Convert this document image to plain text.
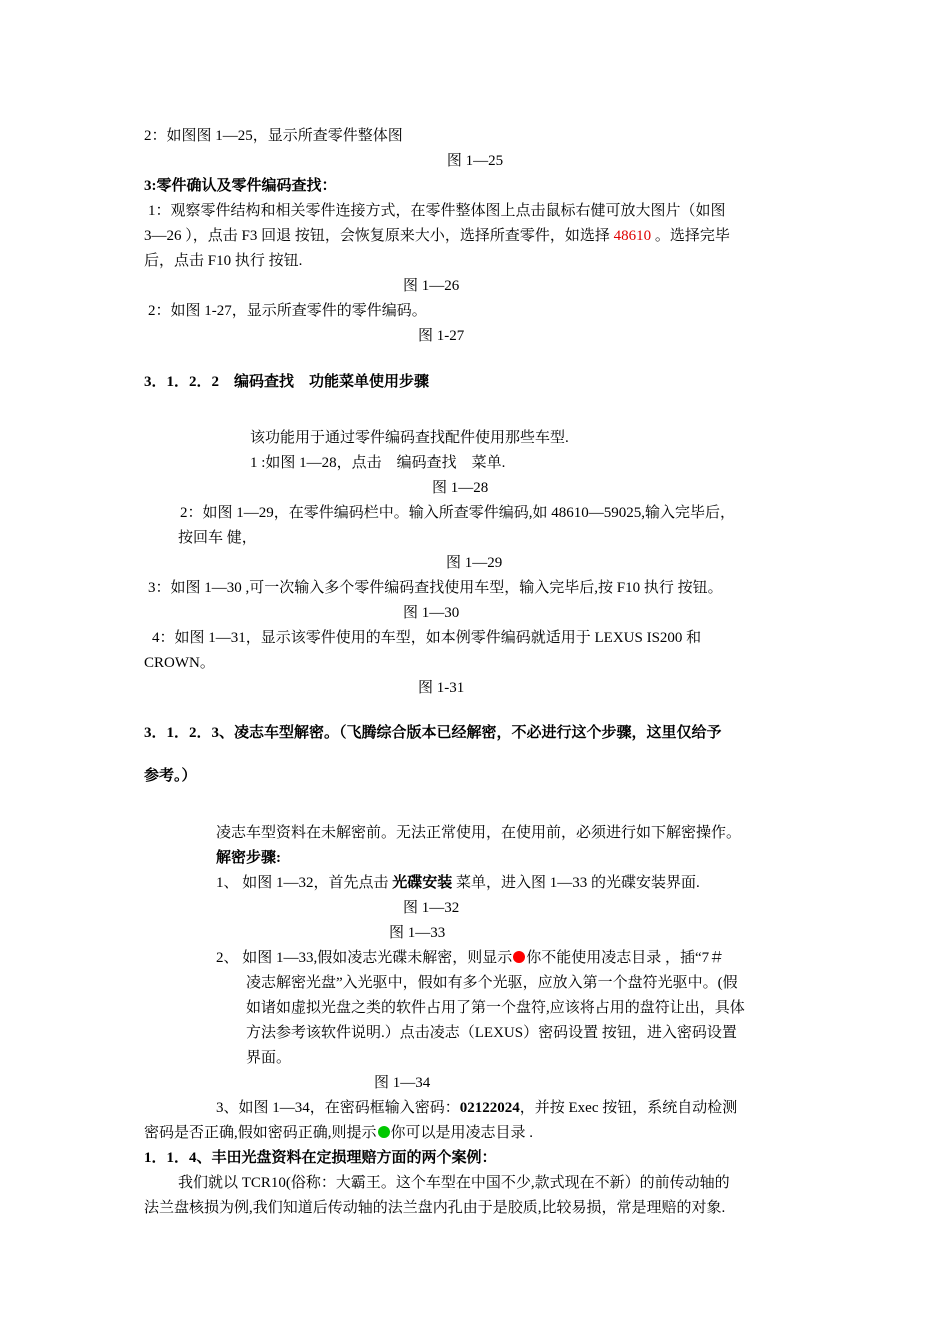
2：如图图 1—25，显示所查零件整体图
图 1—25
3:零件确认及零件编码查找：
1：观察零件结构和相关零件连接方式，在零件整体图上点击鼠标右健可放大图片（如图
3—26 ），点击 F3 回退 按钮，会恢复原来大小，选择所查零件，如选择 48610 。选择完毕
后，点击 F10 执行 按钮.
图 1—26
2：如图 1-27，显示所查零件的零件编码。
图 1-27
3．1．2．2　编码查找　功能菜单使用步骤
该功能用于通过零件编码查找配件使用那些车型.
1 :如图 1—28，点击　编码查找　菜单.
图 1—28
2：如图 1—29，在零件编码栏中。输入所查零件编码,如 48610—59025,输入完毕后，
按回车 健，
图 1—29
3：如图 1—30 ,可一次输入多个零件编码查找使用车型，输入完毕后,按 F10 执行 按钮。
图 1—30
4：如图 1—31，显示该零件使用的车型，如本例零件编码就适用于 LEXUS IS200 和
CROWN。
图 1-31
3．1．2．3、凌志车型解密。（飞腾综合版本已经解密，不必进行这个步骤，这里仅给予
参考。）
凌志车型资料在未解密前。无法正常使用，在使用前，必须进行如下解密操作。
解密步骤:
1、 如图 1—32，首先点击 光碟安装 菜单，进入图 1—33 的光碟安装界面.
图 1—32
图 1—33
2、 如图 1—33,假如凌志光碟未解密，则显示 你不能使用凌志目录 ，插“7＃
凌志解密光盘”入光驱中，假如有多个光驱，应放入第一个盘符光驱中。(假
如诸如虚拟光盘之类的软件占用了第一个盘符,应该将占用的盘符让出，具体
方法参考该软件说明.）点击凌志（LEXUS）密码设置 按钮，进入密码设置
界面。
图 1—34
3、如图 1—34，在密码框输入密码：02122024，并按 Exec 按钮，系统自动检测
密码是否正确,假如密码正确,则提示 你可以是用凌志目录 .
1．1．4、丰田光盘资料在定损理赔方面的两个案例：
我们就以 TCR10(俗称：大霸王。这个车型在中国不少,款式现在不新）的前传动轴的
法兰盘核损为例,我们知道后传动轴的法兰盘内孔由于是胶质,比较易损，常是理赔的对象.
